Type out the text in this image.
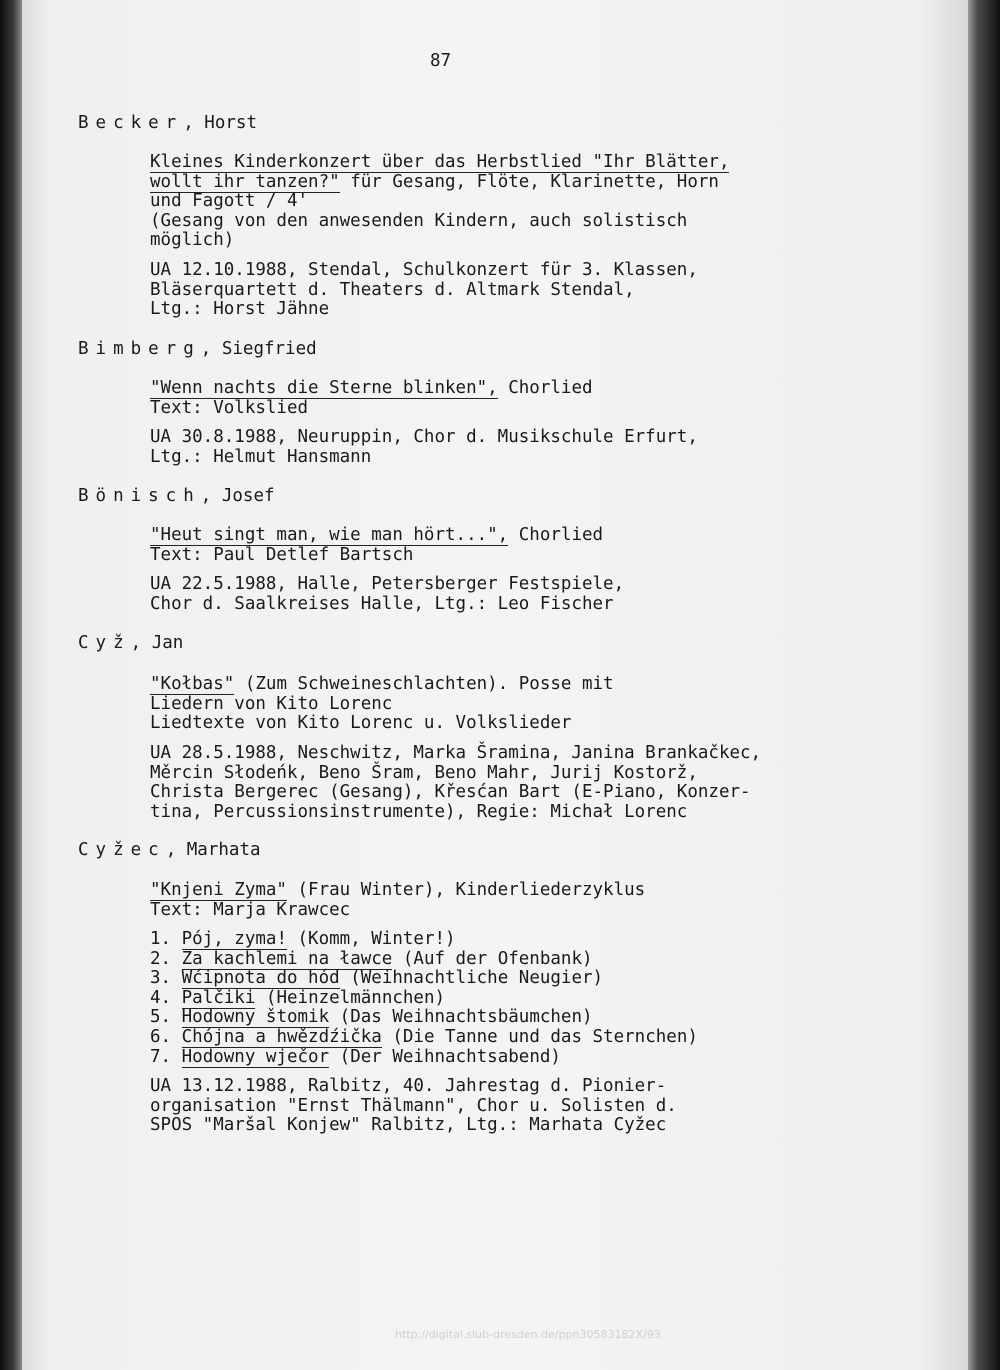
87
Becker, Horst
Kleines Kinderkonzert über das Herbstlied "Ihr Blätter,
wollt ihr tanzen?" für Gesang, Flöte, Klarinette, Horn
und Fagott / 4'
(Gesang von den anwesenden Kindern, auch solistisch
möglich)
UA 12.10.1988, Stendal, Schulkonzert für 3. Klassen,
Bläserquartett d. Theaters d. Altmark Stendal,
Ltg.: Horst Jähne
Bimberg, Siegfried
"Wenn nachts die Sterne blinken", Chorlied
Text: Volkslied
UA 30.8.1988, Neuruppin, Chor d. Musikschule Erfurt,
Ltg.: Helmut Hansmann
Bönisch, Josef
"Heut singt man, wie man hört...", Chorlied
Text: Paul Detlef Bartsch
UA 22.5.1988, Halle, Petersberger Festspiele,
Chor d. Saalkreises Halle, Ltg.: Leo Fischer
Cyž, Jan
"Kołbas" (Zum Schweineschlachten). Posse mit
Liedern von Kito Lorenc
Liedtexte von Kito Lorenc u. Volkslieder
UA 28.5.1988, Neschwitz, Marka Šramina, Janina Brankačkec,
Měrcin Słodeńk, Beno Šram, Beno Mahr, Jurij Kostorž,
Christa Bergerec (Gesang), Křesćan Bart (E-Piano, Konzer-
tina, Percussionsinstrumente), Regie: Michał Lorenc
Cyžec, Marhata
"Knjeni Zyma" (Frau Winter), Kinderliederzyklus
Text: Marja Krawcec
1. Pój, zyma! (Komm, Winter!)
2. Za kachlemi na ławce (Auf der Ofenbank)
3. Wćipnota do hód (Weihnachtliche Neugier)
4. Palčiki (Heinzelmännchen)
5. Hodowny štomik (Das Weihnachtsbäumchen)
6. Chójna a hwězdźička (Die Tanne und das Sternchen)
7. Hodowny wječor (Der Weihnachtsabend)
UA 13.12.1988, Ralbitz, 40. Jahrestag d. Pionier-
organisation "Ernst Thälmann", Chor u. Solisten d.
SPOS "Maršal Konjew" Ralbitz, Ltg.: Marhata Cyžec
http://digital.slub-dresden.de/ppn30583182X/93
